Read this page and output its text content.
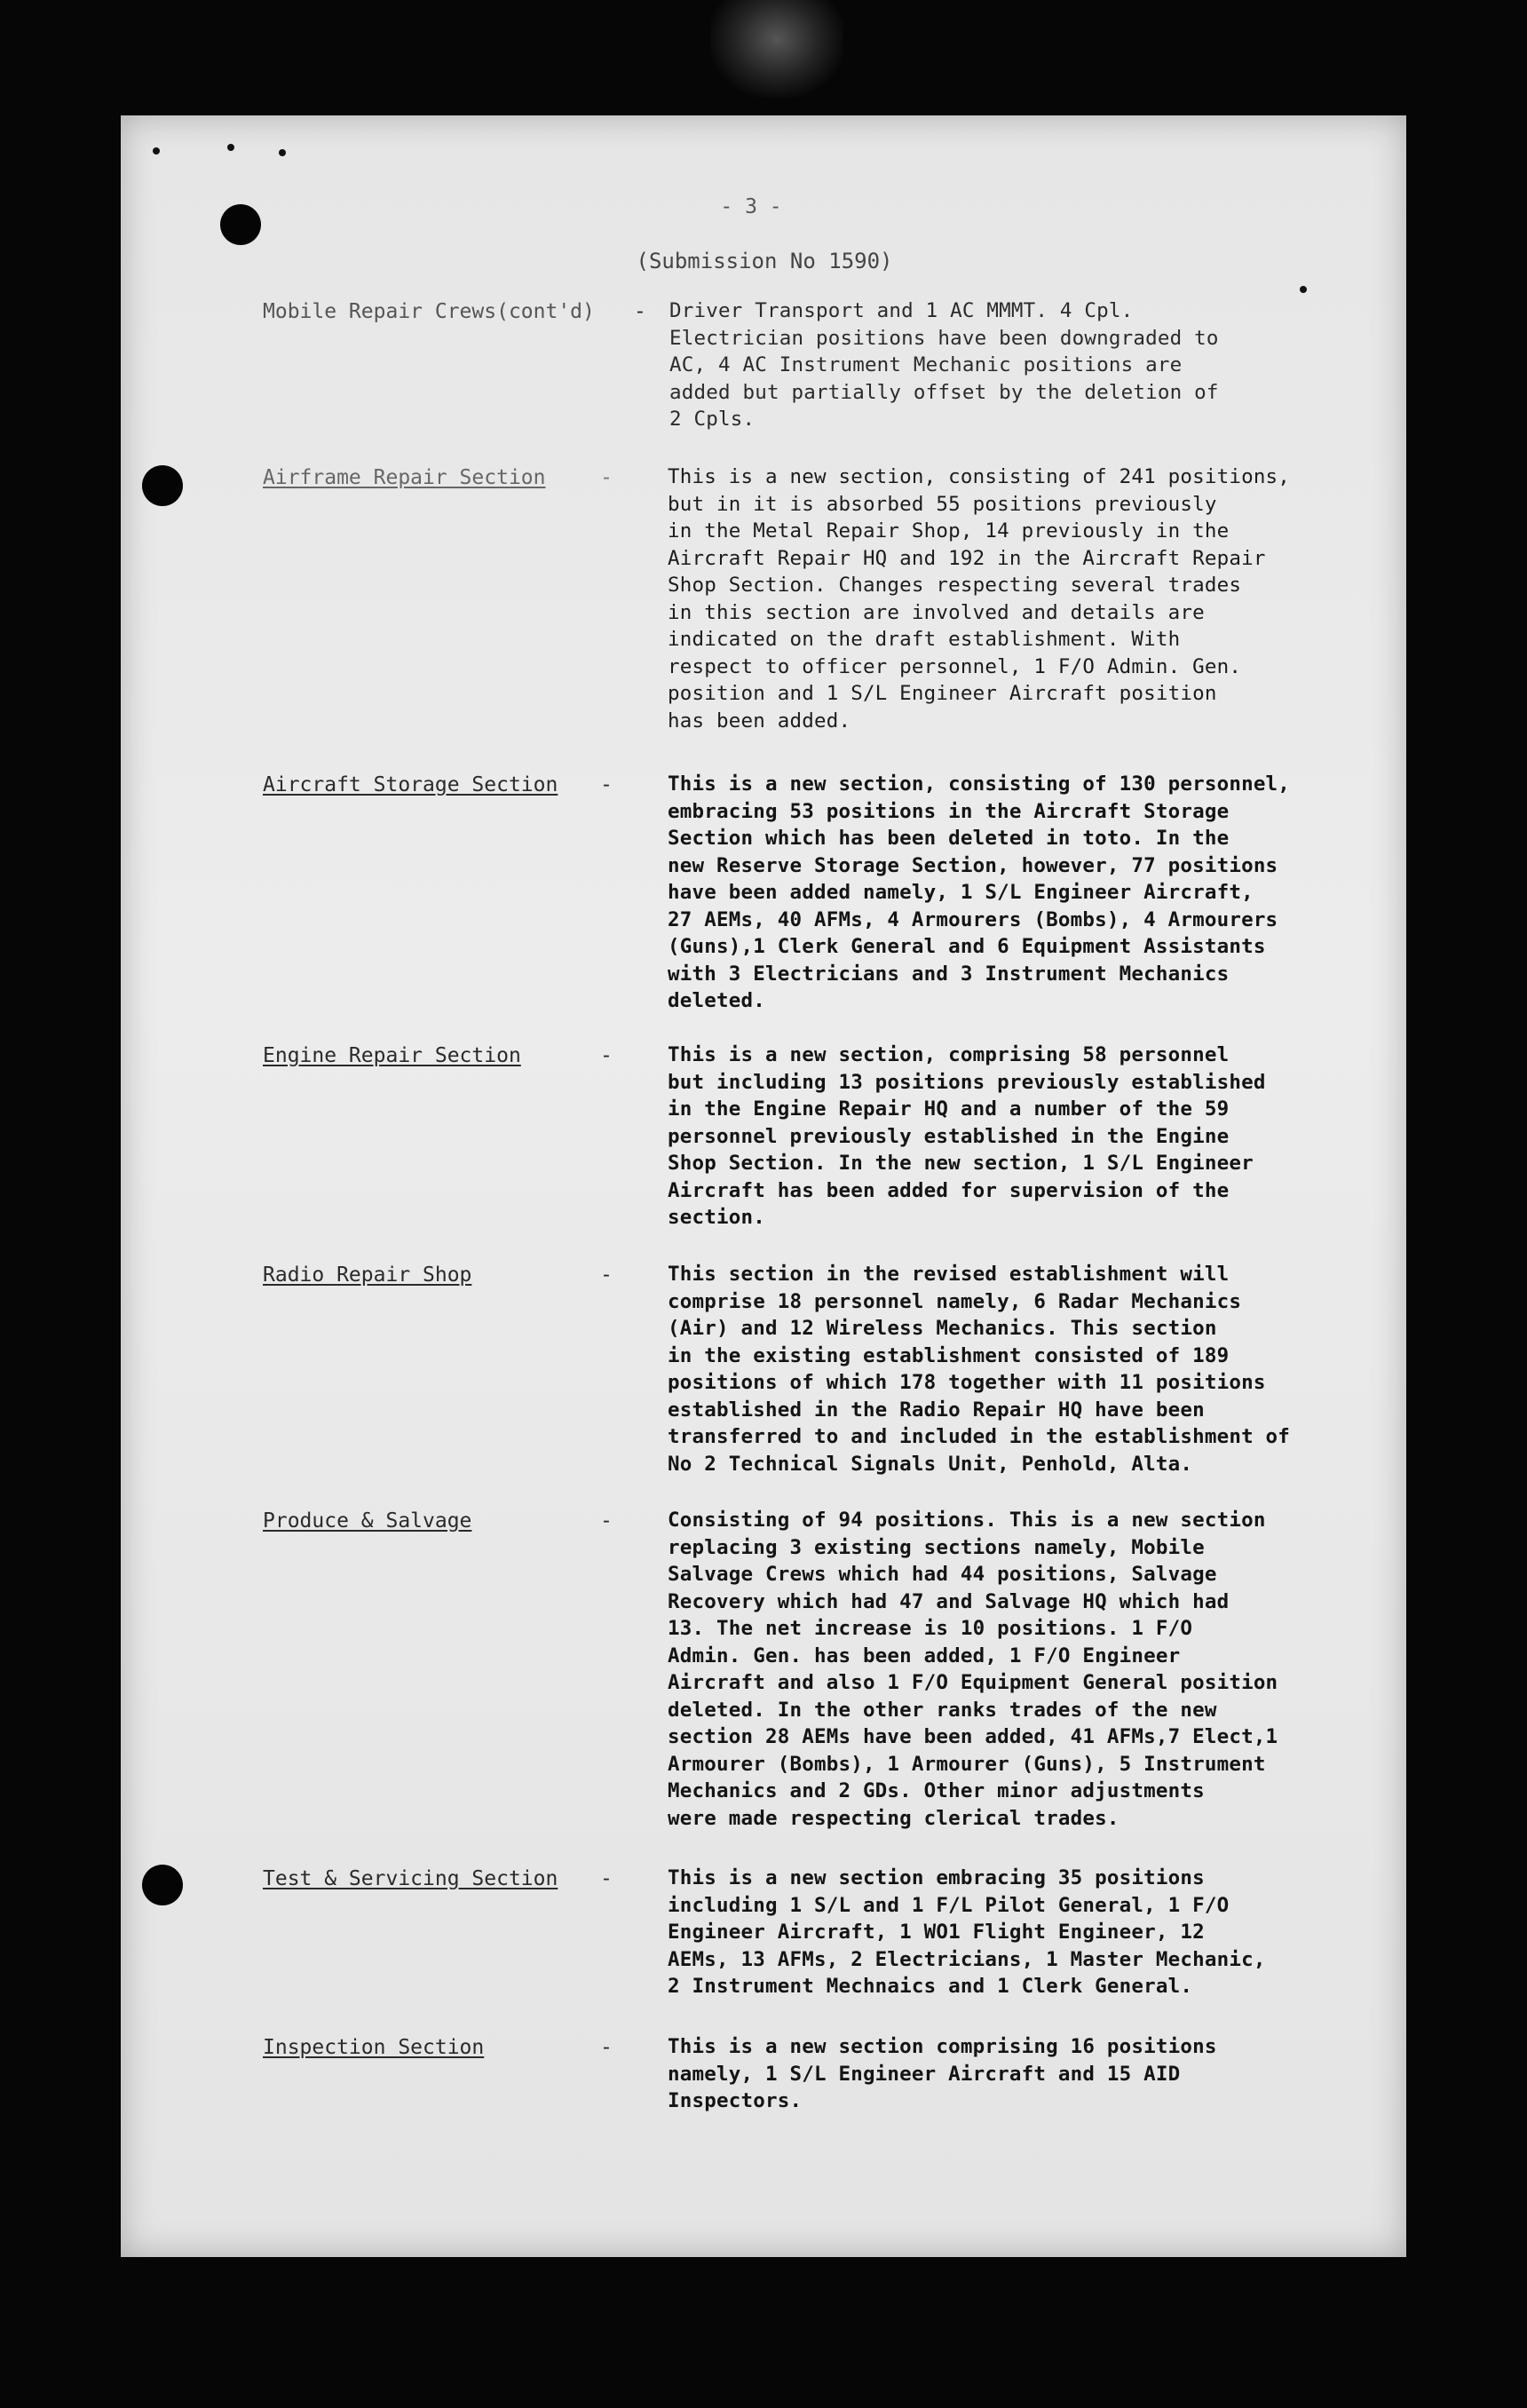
- 3 -
(Submission No 1590)
Mobile Repair Crews(cont'd)	- Driver Transport and 1 AC MMMT. 4 Cpl.
Electrician positions have been downgraded to
AC, 4 AC Instrument Mechanic positions are
added but partially offset by the deletion of
2 Cpls.
Airframe Repair Section	-	This is a new section, consisting of 241 positions,
but in it is absorbed 55 positions previously
in the Metal Repair Shop, 14 previously in the
Aircraft Repair HQ and 192 in the Aircraft Repair
Shop Section. Changes respecting several trades
in this section are involved and details are
indicated on the draft establishment. With
respect to officer personnel, 1 F/O Admin. Gen.
position and 1 S/L Engineer Aircraft position
has been added.
Aircraft Storage Section	-	This is a new section, consisting of 130 personnel,
embracing 53 positions in the Aircraft Storage
Section which has been deleted in toto. In the
new Reserve Storage Section, however, 77 positions
have been added namely, 1 S/L Engineer Aircraft,
27 AEMs, 40 AFMs, 4 Armourers (Bombs), 4 Armourers
(Guns),1 Clerk General and 6 Equipment Assistants
with 3 Electricians and 3 Instrument Mechanics
deleted.
Engine Repair Section	-	This is a new section, comprising 58 personnel
but including 13 positions previously established
in the Engine Repair HQ and a number of the 59
personnel previously established in the Engine
Shop Section. In the new section, 1 S/L Engineer
Aircraft has been added for supervision of the
section.
Radio Repair Shop	-	This section in the revised establishment will
comprise 18 personnel namely, 6 Radar Mechanics
(Air) and 12 Wireless Mechanics. This section
in the existing establishment consisted of 189
positions of which 178 together with 11 positions
established in the Radio Repair HQ have been
transferred to and included in the establishment of
No 2 Technical Signals Unit, Penhold, Alta.
Produce & Salvage	-	Consisting of 94 positions. This is a new section
replacing 3 existing sections namely, Mobile
Salvage Crews which had 44 positions, Salvage
Recovery which had 47 and Salvage HQ which had
13. The net increase is 10 positions. 1 F/O
Admin. Gen. has been added, 1 F/O Engineer
Aircraft and also 1 F/O Equipment General position
deleted. In the other ranks trades of the new
section 28 AEMs have been added, 41 AFMs,7 Elect,1
Armourer (Bombs), 1 Armourer (Guns), 5 Instrument
Mechanics and 2 GDs. Other minor adjustments
were made respecting clerical trades.
Test & Servicing Section	-	This is a new section embracing 35 positions
including 1 S/L and 1 F/L Pilot General, 1 F/O
Engineer Aircraft, 1 WO1 Flight Engineer, 12
AEMs, 13 AFMs, 2 Electricians, 1 Master Mechanic,
2 Instrument Mechnaics and 1 Clerk General.
Inspection Section	-	This is a new section comprising 16 positions
namely, 1 S/L Engineer Aircraft and 15 AID
Inspectors.
